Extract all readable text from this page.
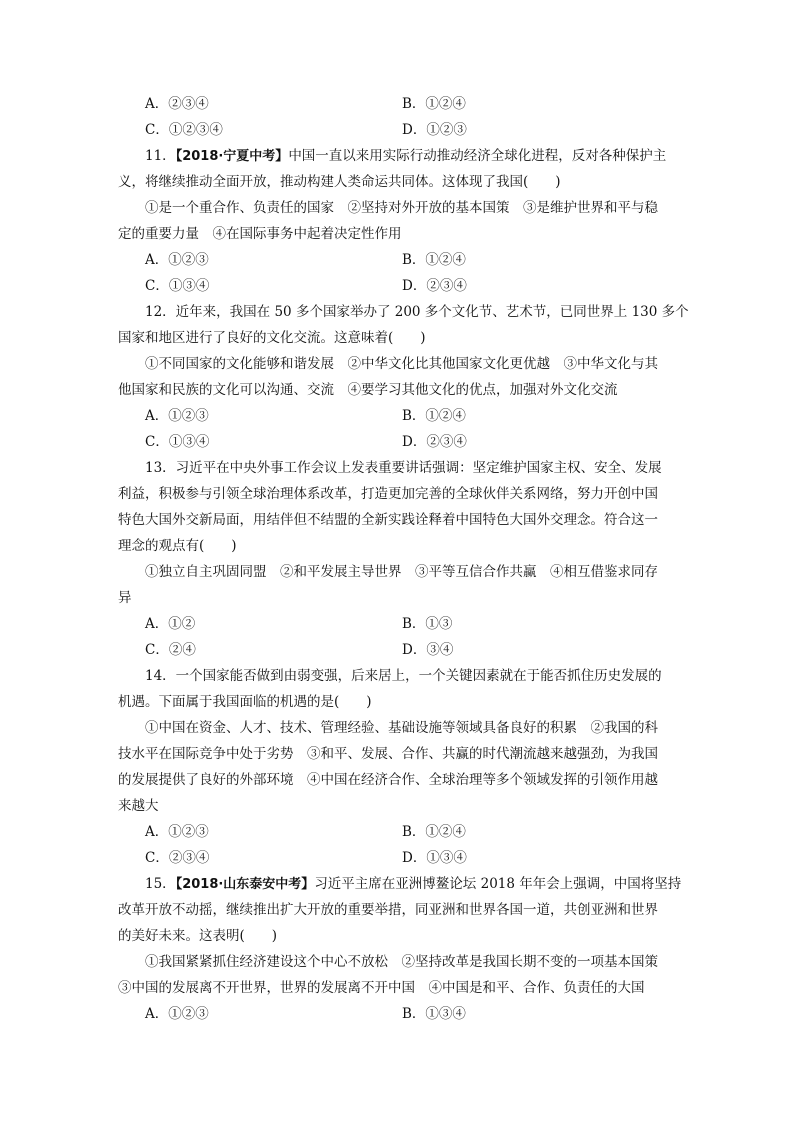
A．②③④	B．①②④
C．①②③④	D．①②③
11．【2018·宁夏中考】中国一直以来用实际行动推动经济全球化进程，反对各种保护主
义，将继续推动全面开放，推动构建人类命运共同体。这体现了我国(　　)
①是一个重合作、负责任的国家　②坚持对外开放的基本国策　③是维护世界和平与稳
定的重要力量　④在国际事务中起着决定性作用
A．①②③	B．①②④
C．①③④	D．②③④
12．近年来，我国在 50 多个国家举办了 200 多个文化节、艺术节，已同世界上 130 多个
国家和地区进行了良好的文化交流。这意味着(　　)
①不同国家的文化能够和谐发展　②中华文化比其他国家文化更优越　③中华文化与其
他国家和民族的文化可以沟通、交流　④要学习其他文化的优点，加强对外文化交流
A．①②③	B．①②④
C．①③④	D．②③④
13．习近平在中央外事工作会议上发表重要讲话强调：坚定维护国家主权、安全、发展
利益，积极参与引领全球治理体系改革，打造更加完善的全球伙伴关系网络，努力开创中国
特色大国外交新局面，用结伴但不结盟的全新实践诠释着中国特色大国外交理念。符合这一
理念的观点有(　　)
①独立自主巩固同盟　②和平发展主导世界　③平等互信合作共赢　④相互借鉴求同存
异
A．①②	B．①③
C．②④	D．③④
14．一个国家能否做到由弱变强，后来居上，一个关键因素就在于能否抓住历史发展的
机遇。下面属于我国面临的机遇的是(　　)
①中国在资金、人才、技术、管理经验、基础设施等领域具备良好的积累　②我国的科
技水平在国际竞争中处于劣势　③和平、发展、合作、共赢的时代潮流越来越强劲，为我国
的发展提供了良好的外部环境　④中国在经济合作、全球治理等多个领域发挥的引领作用越
来越大
A．①②③	B．①②④
C．②③④	D．①③④
15．【2018·山东泰安中考】习近平主席在亚洲博鳌论坛 2018 年年会上强调，中国将坚持
改革开放不动摇，继续推出扩大开放的重要举措，同亚洲和世界各国一道，共创亚洲和世界
的美好未来。这表明(　　)
①我国紧紧抓住经济建设这个中心不放松　②坚持改革是我国长期不变的一项基本国策
③中国的发展离不开世界，世界的发展离不开中国　④中国是和平、合作、负责任的大国
A．①②③	B．①③④
